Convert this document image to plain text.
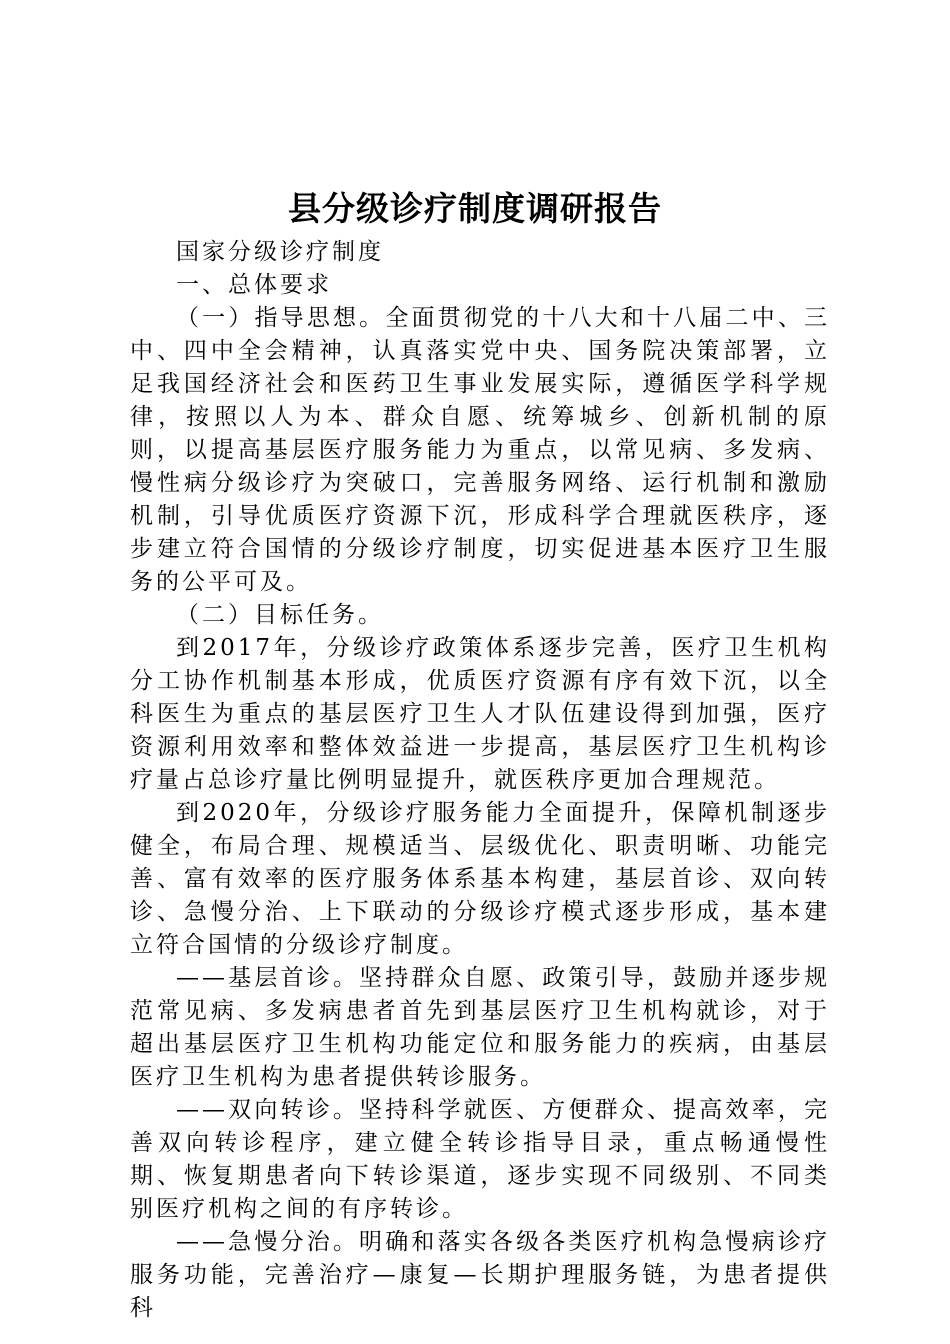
县分级诊疗制度调研报告

国家分级诊疗制度

一、总体要求

（一）指导思想。全面贯彻党的十八大和十八届二中、三中、四中全会精神，认真落实党中央、国务院决策部署，立足我国经济社会和医药卫生事业发展实际，遵循医学科学规律，按照以人为本、群众自愿、统筹城乡、创新机制的原则，以提高基层医疗服务能力为重点，以常见病、多发病、慢性病分级诊疗为突破口，完善服务网络、运行机制和激励机制，引导优质医疗资源下沉，形成科学合理就医秩序，逐步建立符合国情的分级诊疗制度，切实促进基本医疗卫生服务的公平可及。

（二）目标任务。

到2017年，分级诊疗政策体系逐步完善，医疗卫生机构分工协作机制基本形成，优质医疗资源有序有效下沉，以全科医生为重点的基层医疗卫生人才队伍建设得到加强，医疗资源利用效率和整体效益进一步提高，基层医疗卫生机构诊疗量占总诊疗量比例明显提升，就医秩序更加合理规范。

到2020年，分级诊疗服务能力全面提升，保障机制逐步健全，布局合理、规模适当、层级优化、职责明晰、功能完善、富有效率的医疗服务体系基本构建，基层首诊、双向转诊、急慢分治、上下联动的分级诊疗模式逐步形成，基本建立符合国情的分级诊疗制度。

——基层首诊。坚持群众自愿、政策引导，鼓励并逐步规范常见病、多发病患者首先到基层医疗卫生机构就诊，对于超出基层医疗卫生机构功能定位和服务能力的疾病，由基层医疗卫生机构为患者提供转诊服务。

——双向转诊。坚持科学就医、方便群众、提高效率，完善双向转诊程序，建立健全转诊指导目录，重点畅通慢性期、恢复期患者向下转诊渠道，逐步实现不同级别、不同类别医疗机构之间的有序转诊。

——急慢分治。明确和落实各级各类医疗机构急慢病诊疗服务功能，完善治疗—康复—长期护理服务链，为患者提供科
